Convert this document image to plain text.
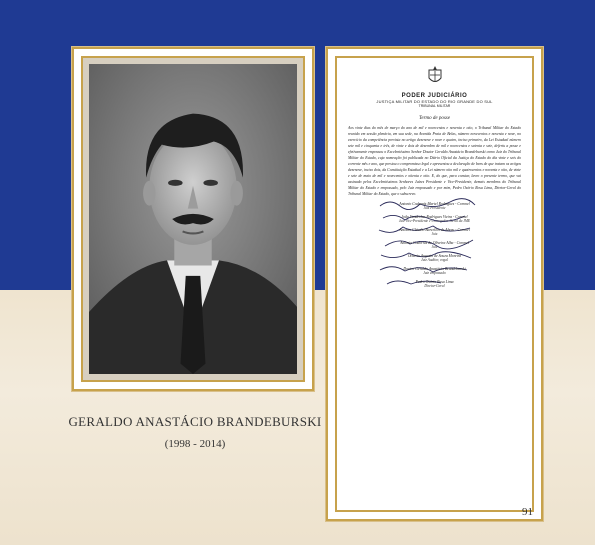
PODER JUDICIÁRIO
JUSTIÇA MILITAR DO ESTADO DO RIO GRANDE DO SUL
TRIBUNAL MILITAR
Termo de posse
Aos vinte dias do mês de março do ano de mil e novecentos e noventa e oito, o Tribunal Militar do Estado reunido em sessão plenária, em sua sede, na Avenida Praia de Belas, número novecentos e noventa e nove, no exercício da competência prevista no artigo dezenove e nove e quatro, inciso primeiro, da Lei Estadual número sete mil e cinquenta e três, de vinte e dois de dezembro de mil e novecentos e setenta e sete, deferiu a posse e efetivamente empossou o Excelentíssimo Senhor Doutor Geraldo Anastácio Brandeburski como Juiz do Tribunal Militar do Estado, cuja nomeação foi publicada no Diário Oficial da Justiça do Estado do dia vinte e seis do corrente mês e ano, que prestou o compromisso legal e apresentou a declaração de bens de que tratam os artigos dezenove, inciso dois, da Constituição Estadual e a Lei número oito mil e quatrocentos e noventa e oito, de vinte e sete de maio de mil e novecentos e oitenta e oito. E, do que, para constar, lavro o presente termo, que vai assinado pelos Excelentíssimos Senhores Juízes Presidente e Vice-Presidente, demais membros do Tribunal Militar do Estado e empossado, pelo Juiz empossado e por mim, Pedro Osório Rosa Lima, Diretor-Geral do Tribunal Militar do Estado, que o subscrevo.
Antonio Codorníz Martel Rodrigues - Coronel
Juiz Presidente
João Vanderlan Rodrigues Vieira - Coronel
Juiz Vice-Presidente e Corregedor-Geral da JME
Antonio Cláudio Barcellos de Abreu - Coronel
Juiz
Antonio Codorníz de Oliveira Alba - Coronel
Juiz
Octavio Augusto de Souza Moreira
Juiz Auditor, vogal
Doutor Geraldo Anastácio Brandeburski
Juiz empossado
Pedro Osório Rosa Lima
Diretor-Geral
GERALDO ANASTÁCIO BRANDEBURSKI
(1998 - 2014)
91
